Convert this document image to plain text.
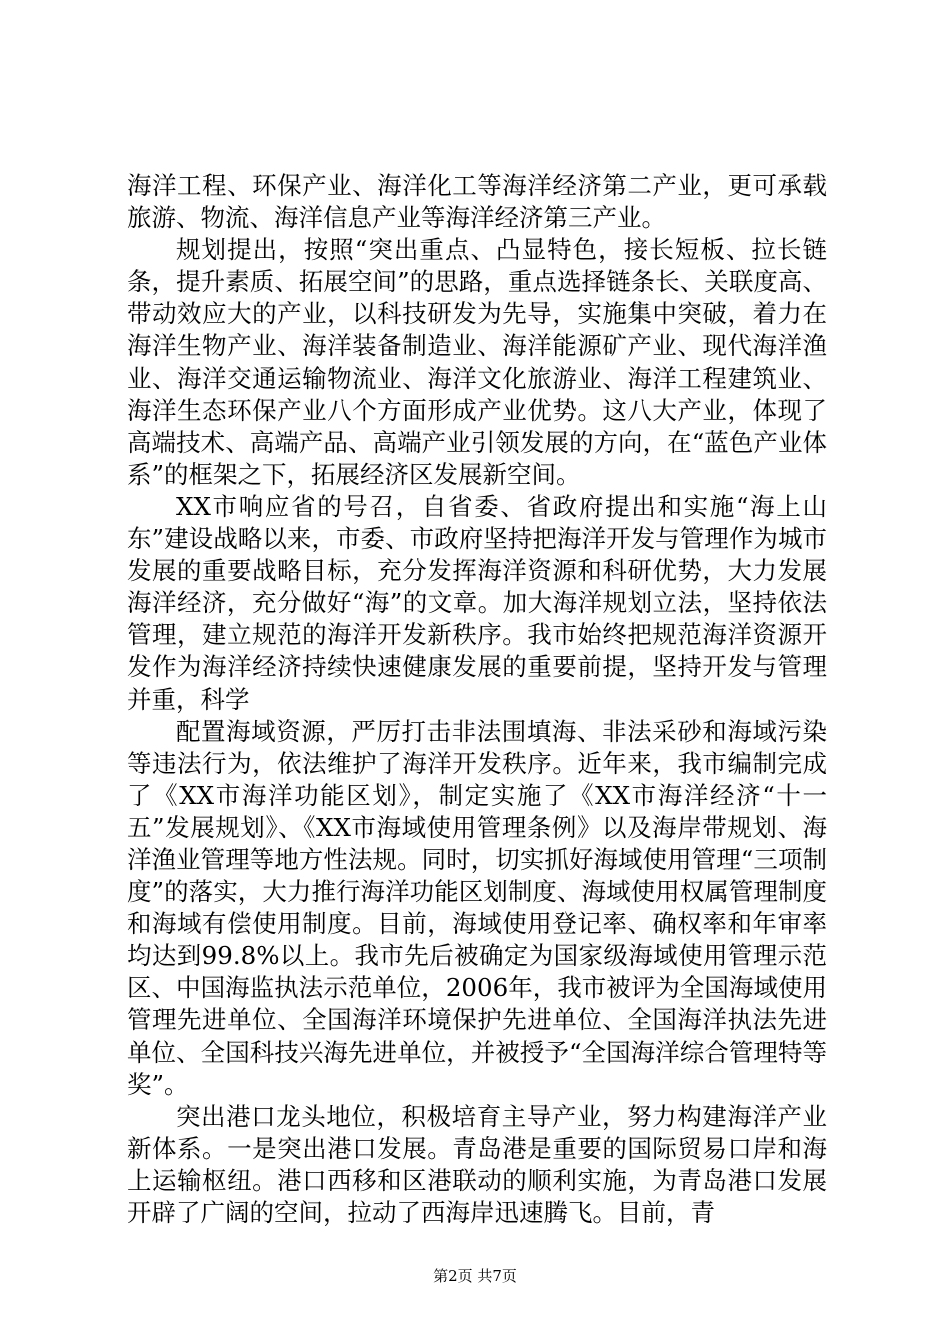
海洋工程、环保产业、海洋化工等海洋经济第二产业，更可承载旅游、物流、海洋信息产业等海洋经济第三产业。

规划提出，按照“突出重点、凸显特色，接长短板、拉长链条，提升素质、拓展空间”的思路，重点选择链条长、关联度高、带动效应大的产业，以科技研发为先导，实施集中突破，着力在海洋生物产业、海洋装备制造业、海洋能源矿产业、现代海洋渔业、海洋交通运输物流业、海洋文化旅游业、海洋工程建筑业、海洋生态环保产业八个方面形成产业优势。这八大产业，体现了高端技术、高端产品、高端产业引领发展的方向，在“蓝色产业体系”的框架之下，拓展经济区发展新空间。

XX市响应省的号召，自省委、省政府提出和实施“海上山东”建设战略以来，市委、市政府坚持把海洋开发与管理作为城市发展的重要战略目标，充分发挥海洋资源和科研优势，大力发展海洋经济，充分做好“海”的文章。加大海洋规划立法，坚持依法管理，建立规范的海洋开发新秩序。我市始终把规范海洋资源开发作为海洋经济持续快速健康发展的重要前提，坚持开发与管理并重，科学

配置海域资源，严厉打击非法围填海、非法采砂和海域污染等违法行为，依法维护了海洋开发秩序。近年来，我市编制完成了《XX市海洋功能区划》，制定实施了《XX市海洋经济“十一五”发展规划》、《XX市海域使用管理条例》以及海岸带规划、海洋渔业管理等地方性法规。同时，切实抓好海域使用管理“三项制度”的落实，大力推行海洋功能区划制度、海域使用权属管理制度和海域有偿使用制度。目前，海域使用登记率、确权率和年审率均达到99.8%以上。我市先后被确定为国家级海域使用管理示范区、中国海监执法示范单位，2006年，我市被评为全国海域使用管理先进单位、全国海洋环境保护先进单位、全国海洋执法先进单位、全国科技兴海先进单位，并被授予“全国海洋综合管理特等奖”。

突出港口龙头地位，积极培育主导产业，努力构建海洋产业新体系。一是突出港口发展。青岛港是重要的国际贸易口岸和海上运输枢纽。港口西移和区港联动的顺利实施，为青岛港口发展开辟了广阔的空间，拉动了西海岸迅速腾飞。目前，青

第2页 共7页
